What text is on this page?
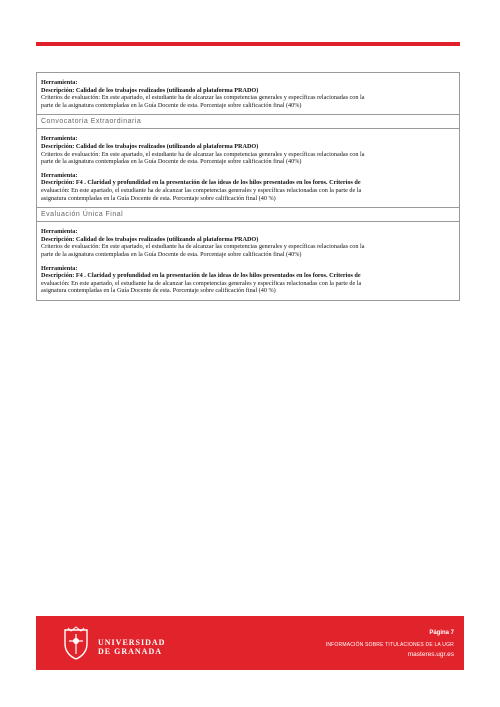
Herramienta:
Descripción: Calidad de los trabajos realizados (utilizando al plataforma PRADO)
Criterios de evaluación: En este apartado, el estudiante ha de alcanzar las competencias generales y específicas relacionadas con la
parte de la asignatura contempladas en la Guía Docente de esta. Porcentaje sobre calificación final (40%)
Convocatoria Extraordinaria
Herramienta:
Descripción: Calidad de los trabajos realizados (utilizando al plataforma PRADO)
Criterios de evaluación: En este apartado, el estudiante ha de alcanzar las competencias generales y específicas relacionadas con la
parte de la asignatura contempladas en la Guía Docente de esta. Porcentaje sobre calificación final (40%)
Herramienta:
Descripción: F4 . Claridad y profundidad en la presentación de las ideas de los hilos presentados en los foros. Criterios de
evaluación: En este apartado, el estudiante ha de alcanzar las competencias generales y específicas relacionadas con la parte de la
asignatura contempladas en la Guía Docente de esta. Porcentaje sobre calificación final (40 %)
Evaluación Única Final
Herramienta:
Descripción: Calidad de los trabajos realizados (utilizando al plataforma PRADO)
Criterios de evaluación: En este apartado, el estudiante ha de alcanzar las competencias generales y específicas relacionadas con la
parte de la asignatura contempladas en la Guía Docente de esta. Porcentaje sobre calificación final (40%)
Herramienta:
Descripción: F4 . Claridad y profundidad en la presentación de las ideas de los hilos presentados en los foros. Criterios de
evaluación: En este apartado, el estudiante ha de alcanzar las competencias generales y específicas relacionadas con la parte de la
asignatura contempladas en la Guía Docente de esta. Porcentaje sobre calificación final (40 %)
UNIVERSIDAD
DE GRANADA
Página 7
INFORMACIÓN SOBRE TITULACIONES DE LA UGR
masteres.ugr.es
